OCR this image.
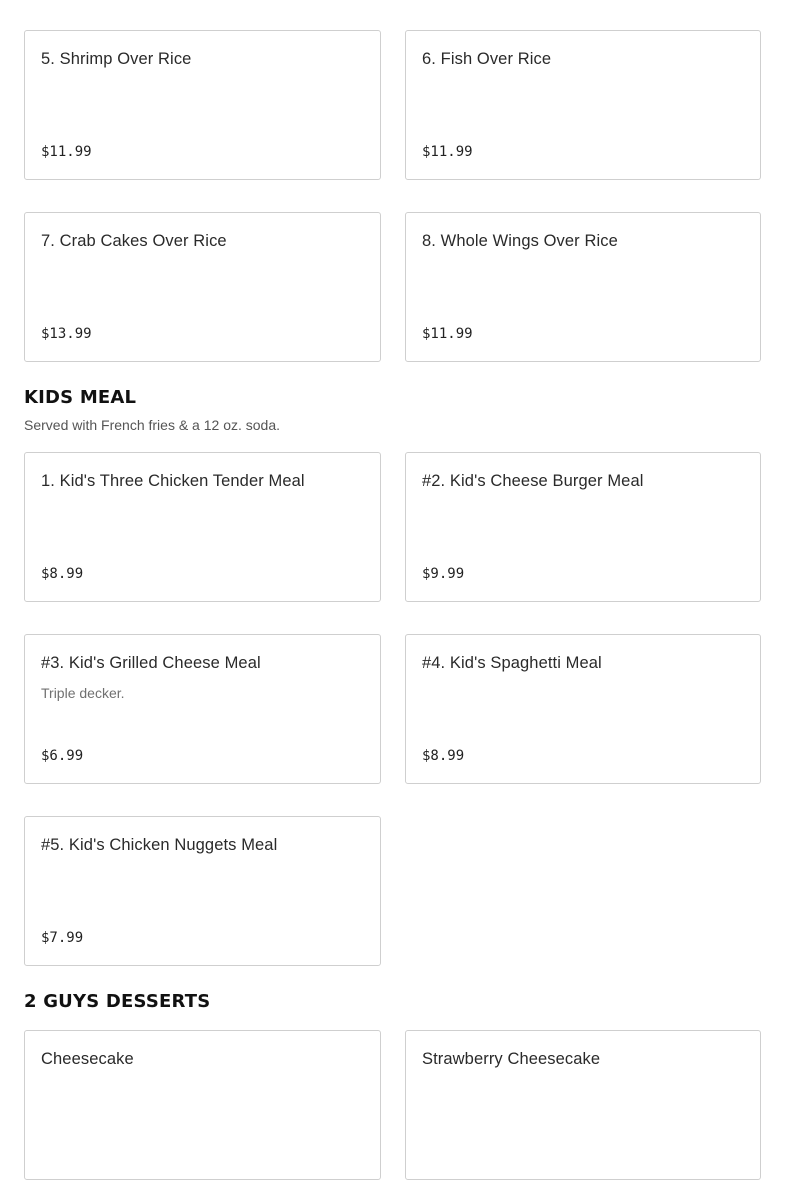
5. Shrimp Over Rice
$11.99
6. Fish Over Rice
$11.99
7. Crab Cakes Over Rice
$13.99
8. Whole Wings Over Rice
$11.99
KIDS MEAL
Served with French fries & a 12 oz. soda.
1. Kid's Three Chicken Tender Meal
$8.99
#2. Kid's Cheese Burger Meal
$9.99
#3. Kid's Grilled Cheese Meal
Triple decker.
$6.99
#4. Kid's Spaghetti Meal
$8.99
#5. Kid's Chicken Nuggets Meal
$7.99
2 GUYS DESSERTS
Cheesecake	Strawberry Cheesecake
